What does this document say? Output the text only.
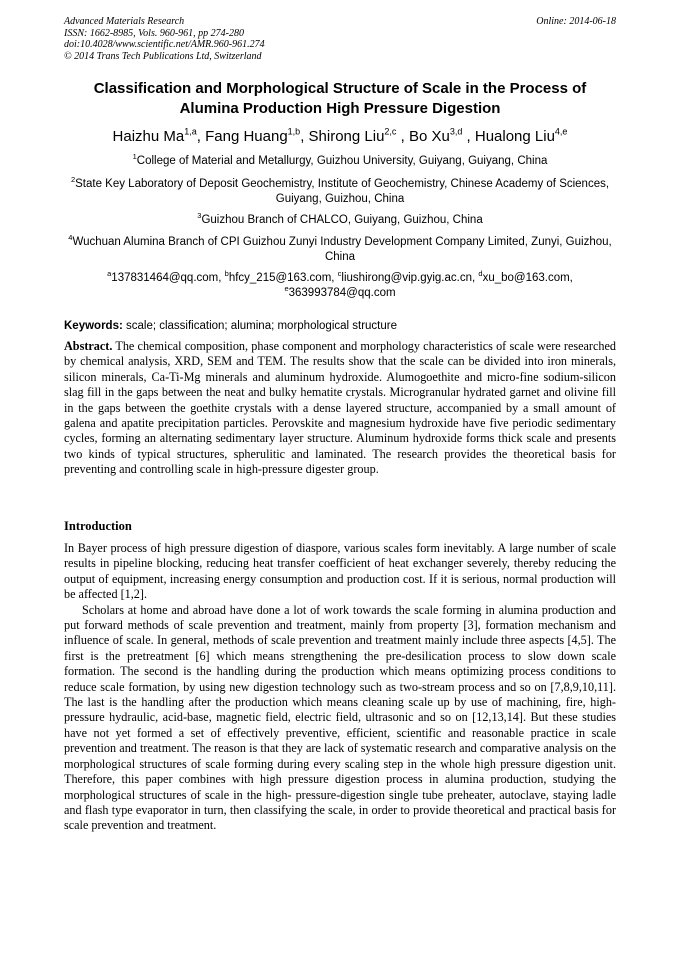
Advanced Materials Research
ISSN: 1662-8985, Vols. 960-961, pp 274-280
doi:10.4028/www.scientific.net/AMR.960-961.274
© 2014 Trans Tech Publications Ltd, Switzerland
Online: 2014-06-18
Classification and Morphological Structure of Scale in the Process of Alumina Production High Pressure Digestion
Haizhu Ma$^{1,a}$, Fang Huang$^{1,b}$, Shirong Liu$^{2,c}$ , Bo Xu$^{3,d}$ , Hualong Liu$^{4,e}$
$^1$College of Material and Metallurgy, Guizhou University, Guiyang, Guiyang, China
$^2$State Key Laboratory of Deposit Geochemistry, Institute of Geochemistry, Chinese Academy of Sciences, Guiyang, Guizhou, China
$^3$Guizhou Branch of CHALCO, Guiyang, Guizhou, China
$^4$Wuchuan Alumina Branch of CPI Guizhou Zunyi Industry Development Company Limited, Zunyi, Guizhou, China
$^a$137831464@qq.com, $^b$hfcy_215@163.com, $^c$liushirong@vip.gyig.ac.cn, $^d$xu_bo@163.com,
$^e$363993784@qq.com
Keywords: scale; classification; alumina; morphological structure

Abstract. The chemical composition, phase component and morphology characteristics of scale were researched by chemical analysis, XRD, SEM and TEM. The results show that the scale can be divided into iron minerals, silicon minerals, Ca-Ti-Mg minerals and aluminum hydroxide. Alumogoethite and micro-fine sodium-silicon slag fill in the gaps between the neat and bulky hematite crystals. Microgranular hydrated garnet and olivine fill in the gaps between the goethite crystals with a dense layered structure, accompanied by a small amount of galena and apatite precipitation particles. Perovskite and magnesium hydroxide have five periodic sedimentary cycles, forming an alternating sedimentary layer structure. Aluminum hydroxide forms thick scale and presents two kinds of typical structures, spherulitic and laminated. The research provides the theoretical basis for preventing and controlling scale in high-pressure digester group.

Introduction

In Bayer process of high pressure digestion of diaspore, various scales form inevitably. A large number of scale results in pipeline blocking, reducing heat transfer coefficient of heat exchanger severely, thereby reducing the output of equipment, increasing energy consumption and production cost. If it is serious, normal production will be affected [1,2].

Scholars at home and abroad have done a lot of work towards the scale forming in alumina production and put forward methods of scale prevention and treatment, mainly from property [3], formation mechanism and influence of scale. In general, methods of scale prevention and treatment mainly include three aspects [4,5]. The first is the pretreatment [6] which means strengthening the pre-desilication process to slow down scale formation. The second is the handling during the production which means optimizing process conditions to reduce scale formation, by using new digestion technology such as two-stream process and so on [7,8,9,10,11]. The last is the handling after the production which means cleaning scale up by use of machining, fire, high-pressure hydraulic, acid-base, magnetic field, electric field, ultrasonic and so on [12,13,14]. But these studies have not yet formed a set of effectively preventive, efficient, scientific and reasonable practice in scale prevention and treatment. The reason is that they are lack of systematic research and comparative analysis on the morphological structures of scale forming during every scaling step in the whole high pressure digestion unit. Therefore, this paper combines with high pressure digestion process in alumina production, studying the morphological structures of scale in the high- pressure-digestion single tube preheater, autoclave, staying ladle and flash type evaporator in turn, then classifying the scale, in order to provide theoretical and practical basis for scale prevention and treatment.
